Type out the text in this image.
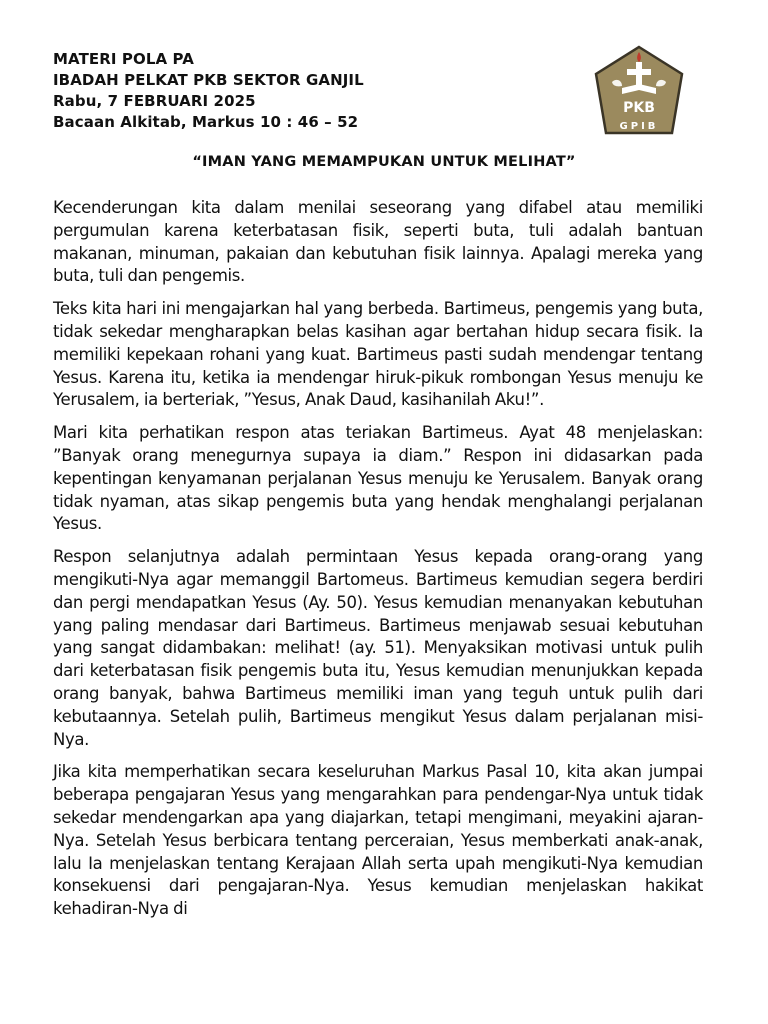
MATERI POLA PA
IBADAH PELKAT PKB SEKTOR GANJIL
Rabu, 7 FEBRUARI 2025
Bacaan Alkitab, Markus 10 : 46 – 52
PKB
GPIB
“IMAN YANG MEMAMPUKAN UNTUK MELIHAT”

Kecenderungan kita dalam menilai seseorang yang difabel atau memiliki pergumulan karena keterbatasan fisik, seperti buta, tuli adalah bantuan makanan, minuman, pakaian dan kebutuhan fisik lainnya. Apalagi mereka yang buta, tuli dan pengemis.

Teks kita hari ini mengajarkan hal yang berbeda. Bartimeus, pengemis yang buta, tidak sekedar mengharapkan belas kasihan agar bertahan hidup secara fisik. Ia memiliki kepekaan rohani yang kuat. Bartimeus pasti sudah mendengar tentang Yesus. Karena itu, ketika ia mendengar hiruk-pikuk rombongan Yesus menuju ke Yerusalem, ia berteriak, ”Yesus, Anak Daud, kasihanilah Aku!”.

Mari kita perhatikan respon atas teriakan Bartimeus. Ayat 48 menjelaskan: ”Banyak orang menegurnya supaya ia diam.” Respon ini didasarkan pada kepentingan kenyamanan perjalanan Yesus menuju ke Yerusalem. Banyak orang tidak nyaman, atas sikap pengemis buta yang hendak menghalangi perjalanan Yesus.

Respon selanjutnya adalah permintaan Yesus kepada orang-orang yang mengikuti-Nya agar memanggil Bartomeus. Bartimeus kemudian segera berdiri dan pergi mendapatkan Yesus (Ay. 50). Yesus kemudian menanyakan kebutuhan yang paling mendasar dari Bartimeus. Bartimeus menjawab sesuai kebutuhan yang sangat didambakan: melihat! (ay. 51). Menyaksikan motivasi untuk pulih dari keterbatasan fisik pengemis buta itu, Yesus kemudian menunjukkan kepada orang banyak, bahwa Bartimeus memiliki iman yang teguh untuk pulih dari kebutaannya. Setelah pulih, Bartimeus mengikut Yesus dalam perjalanan misi-Nya.

Jika kita memperhatikan secara keseluruhan Markus Pasal 10, kita akan jumpai beberapa pengajaran Yesus yang mengarahkan para pendengar-Nya untuk tidak sekedar mendengarkan apa yang diajarkan, tetapi mengimani, meyakini ajaran-Nya. Setelah Yesus berbicara tentang perceraian, Yesus memberkati anak-anak, lalu Ia menjelaskan tentang Kerajaan Allah serta upah mengikuti-Nya kemudian konsekuensi dari pengajaran-Nya. Yesus kemudian menjelaskan hakikat kehadiran-Nya di
